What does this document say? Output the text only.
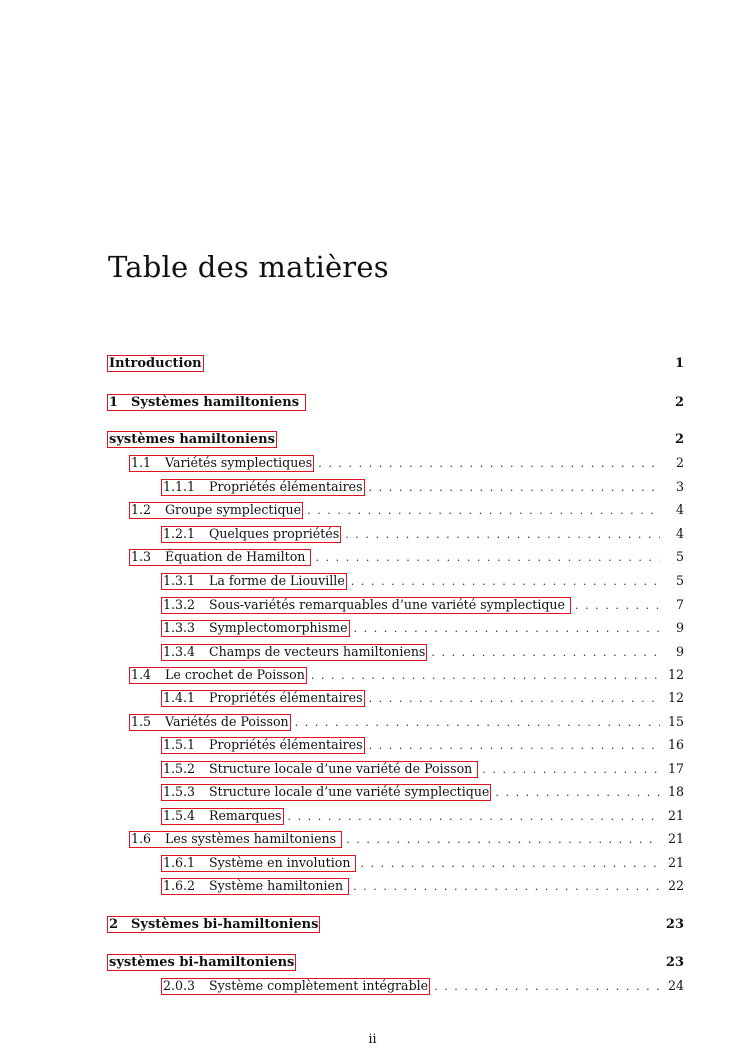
Table des matières
Introduction	1
1 Systèmes hamiltoniens	2
systèmes hamiltoniens	2
1.1	Variétés symplectiques . . .	2
1.1.1	Propriétés élémentaires . . .	3
1.2	Groupe symplectique . . .	4
1.2.1	Quelques propriétés . . .	4
1.3	Équation de Hamilton . . .	5
1.3.1	La forme de Liouville . . .	5
1.3.2	Sous-variétés remarquables d’une variété symplectique . . .	7
1.3.3	Symplectomorphisme . . .	9
1.3.4	Champs de vecteurs hamiltoniens . . .	9
1.4	Le crochet de Poisson . . .	12
1.4.1	Propriétés élémentaires . . .	12
1.5	Variétés de Poisson . . .	15
1.5.1	Propriétés élémentaires . . .	16
1.5.2	Structure locale d’une variété de Poisson . . .	17
1.5.3	Structure locale d’une variété symplectique . . .	18
1.5.4	Remarques . . .	21
1.6	Les systèmes hamiltoniens . . .	21
1.6.1	Système en involution . . .	21
1.6.2	Système hamiltonien . . .	22
2 Systèmes bi-hamiltoniens	23
systèmes bi-hamiltoniens	23
2.0.3	Système complètement intégrable . . .	24
ii
